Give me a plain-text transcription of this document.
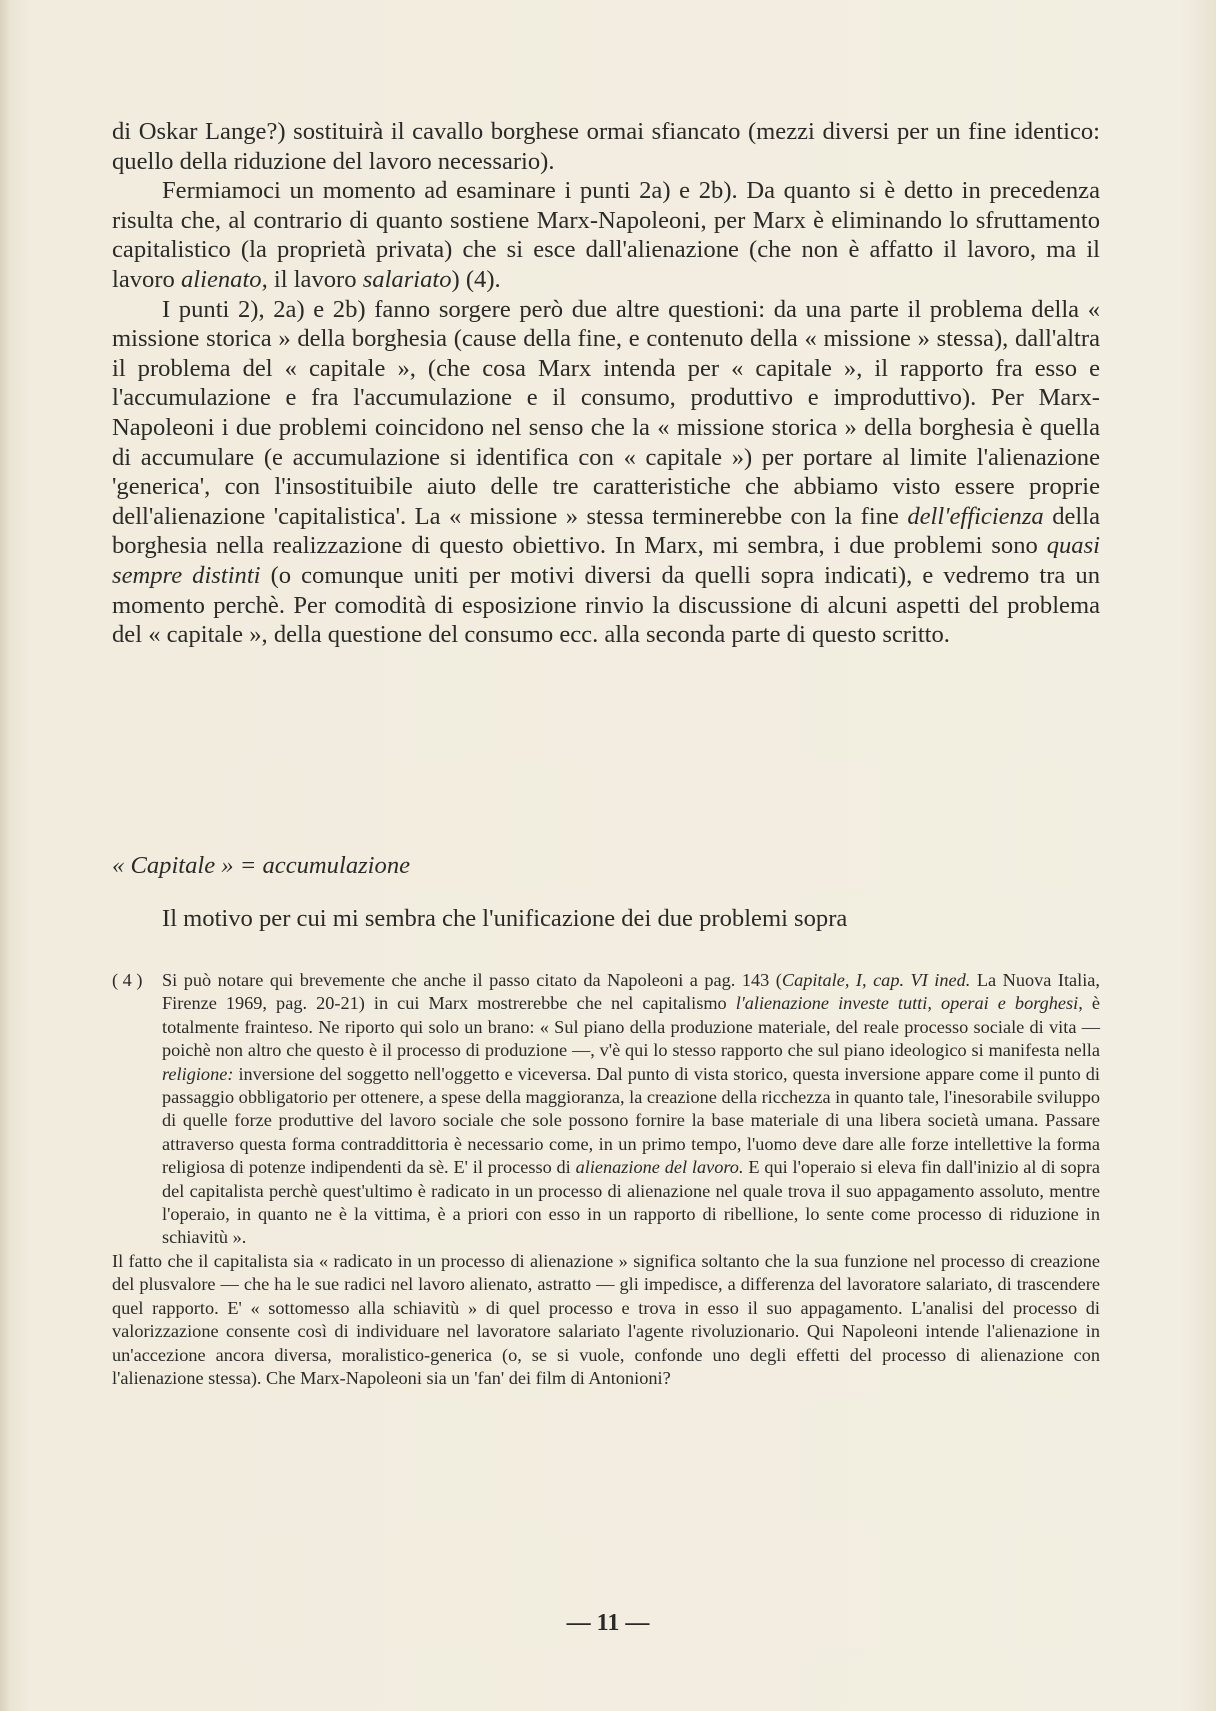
di Oskar Lange?) sostituirà il cavallo borghese ormai sfiancato (mezzi diversi per un fine identico: quello della riduzione del lavoro necessario).

Fermiamoci un momento ad esaminare i punti 2a) e 2b). Da quanto si è detto in precedenza risulta che, al contrario di quanto sostiene Marx-Napoleoni, per Marx è eliminando lo sfruttamento capitalistico (la proprietà privata) che si esce dall'alienazione (che non è affatto il lavoro, ma il lavoro alienato, il lavoro salariato) (4).

I punti 2), 2a) e 2b) fanno sorgere però due altre questioni: da una parte il problema della « missione storica » della borghesia (cause della fine, e contenuto della « missione » stessa), dall'altra il problema del « capitale », (che cosa Marx intenda per « capitale », il rapporto fra esso e l'accumulazione e fra l'accumulazione e il consumo, produttivo e improduttivo). Per Marx-Napoleoni i due problemi coincidono nel senso che la « missione storica » della borghesia è quella di accumulare (e accumulazione si identifica con « capitale ») per portare al limite l'alienazione 'generica', con l'insostituibile aiuto delle tre caratteristiche che abbiamo visto essere proprie dell'alienazione 'capitalistica'. La « missione » stessa terminerebbe con la fine dell'efficienza della borghesia nella realizzazione di questo obiettivo. In Marx, mi sembra, i due problemi sono quasi sempre distinti (o comunque uniti per motivi diversi da quelli sopra indicati), e vedremo tra un momento perchè. Per comodità di esposizione rinvio la discussione di alcuni aspetti del problema del « capitale », della questione del consumo ecc. alla seconda parte di questo scritto.

« Capitale » = accumulazione
Il motivo per cui mi sembra che l'unificazione dei due problemi sopra
( 4 )	Si può notare qui brevemente che anche il passo citato da Napoleoni a pag. 143 (Capitale, I, cap. VI ined. La Nuova Italia, Firenze 1969, pag. 20-21) in cui Marx mostrerebbe che nel capitalismo l'alienazione investe tutti, operai e borghesi, è totalmente frainteso. Ne riporto qui solo un brano: « Sul piano della produzione materiale, del reale processo sociale di vita — poichè non altro che questo è il processo di produzione —, v'è qui lo stesso rapporto che sul piano ideologico si manifesta nella religione: inversione del soggetto nell'oggetto e viceversa. Dal punto di vista storico, questa inversione appare come il punto di passaggio obbligatorio per ottenere, a spese della maggioranza, la creazione della ricchezza in quanto tale, l'inesorabile sviluppo di quelle forze produttive del lavoro sociale che sole possono fornire la base materiale di una libera società umana. Passare attraverso questa forma contraddittoria è necessario come, in un primo tempo, l'uomo deve dare alle forze intellettive la forma religiosa di potenze indipendenti da sè. E' il processo di alienazione del lavoro. E qui l'operaio si eleva fin dall'inizio al di sopra del capitalista perchè quest'ultimo è radicato in un processo di alienazione nel quale trova il suo appagamento assoluto, mentre l'operaio, in quanto ne è la vittima, è a priori con esso in un rapporto di ribellione, lo sente come processo di riduzione in schiavitù ».

Il fatto che il capitalista sia « radicato in un processo di alienazione » significa soltanto che la sua funzione nel processo di creazione del plusvalore — che ha le sue radici nel lavoro alienato, astratto — gli impedisce, a differenza del lavoratore salariato, di trascendere quel rapporto. E' « sottomesso alla schiavitù » di quel processo e trova in esso il suo appagamento. L'analisi del processo di valorizzazione consente così di individuare nel lavoratore salariato l'agente rivoluzionario. Qui Napoleoni intende l'alienazione in un'accezione ancora diversa, moralistico-generica (o, se si vuole, confonde uno degli effetti del processo di alienazione con l'alienazione stessa). Che Marx-Napoleoni sia un 'fan' dei film di Antonioni?

— 11 —
